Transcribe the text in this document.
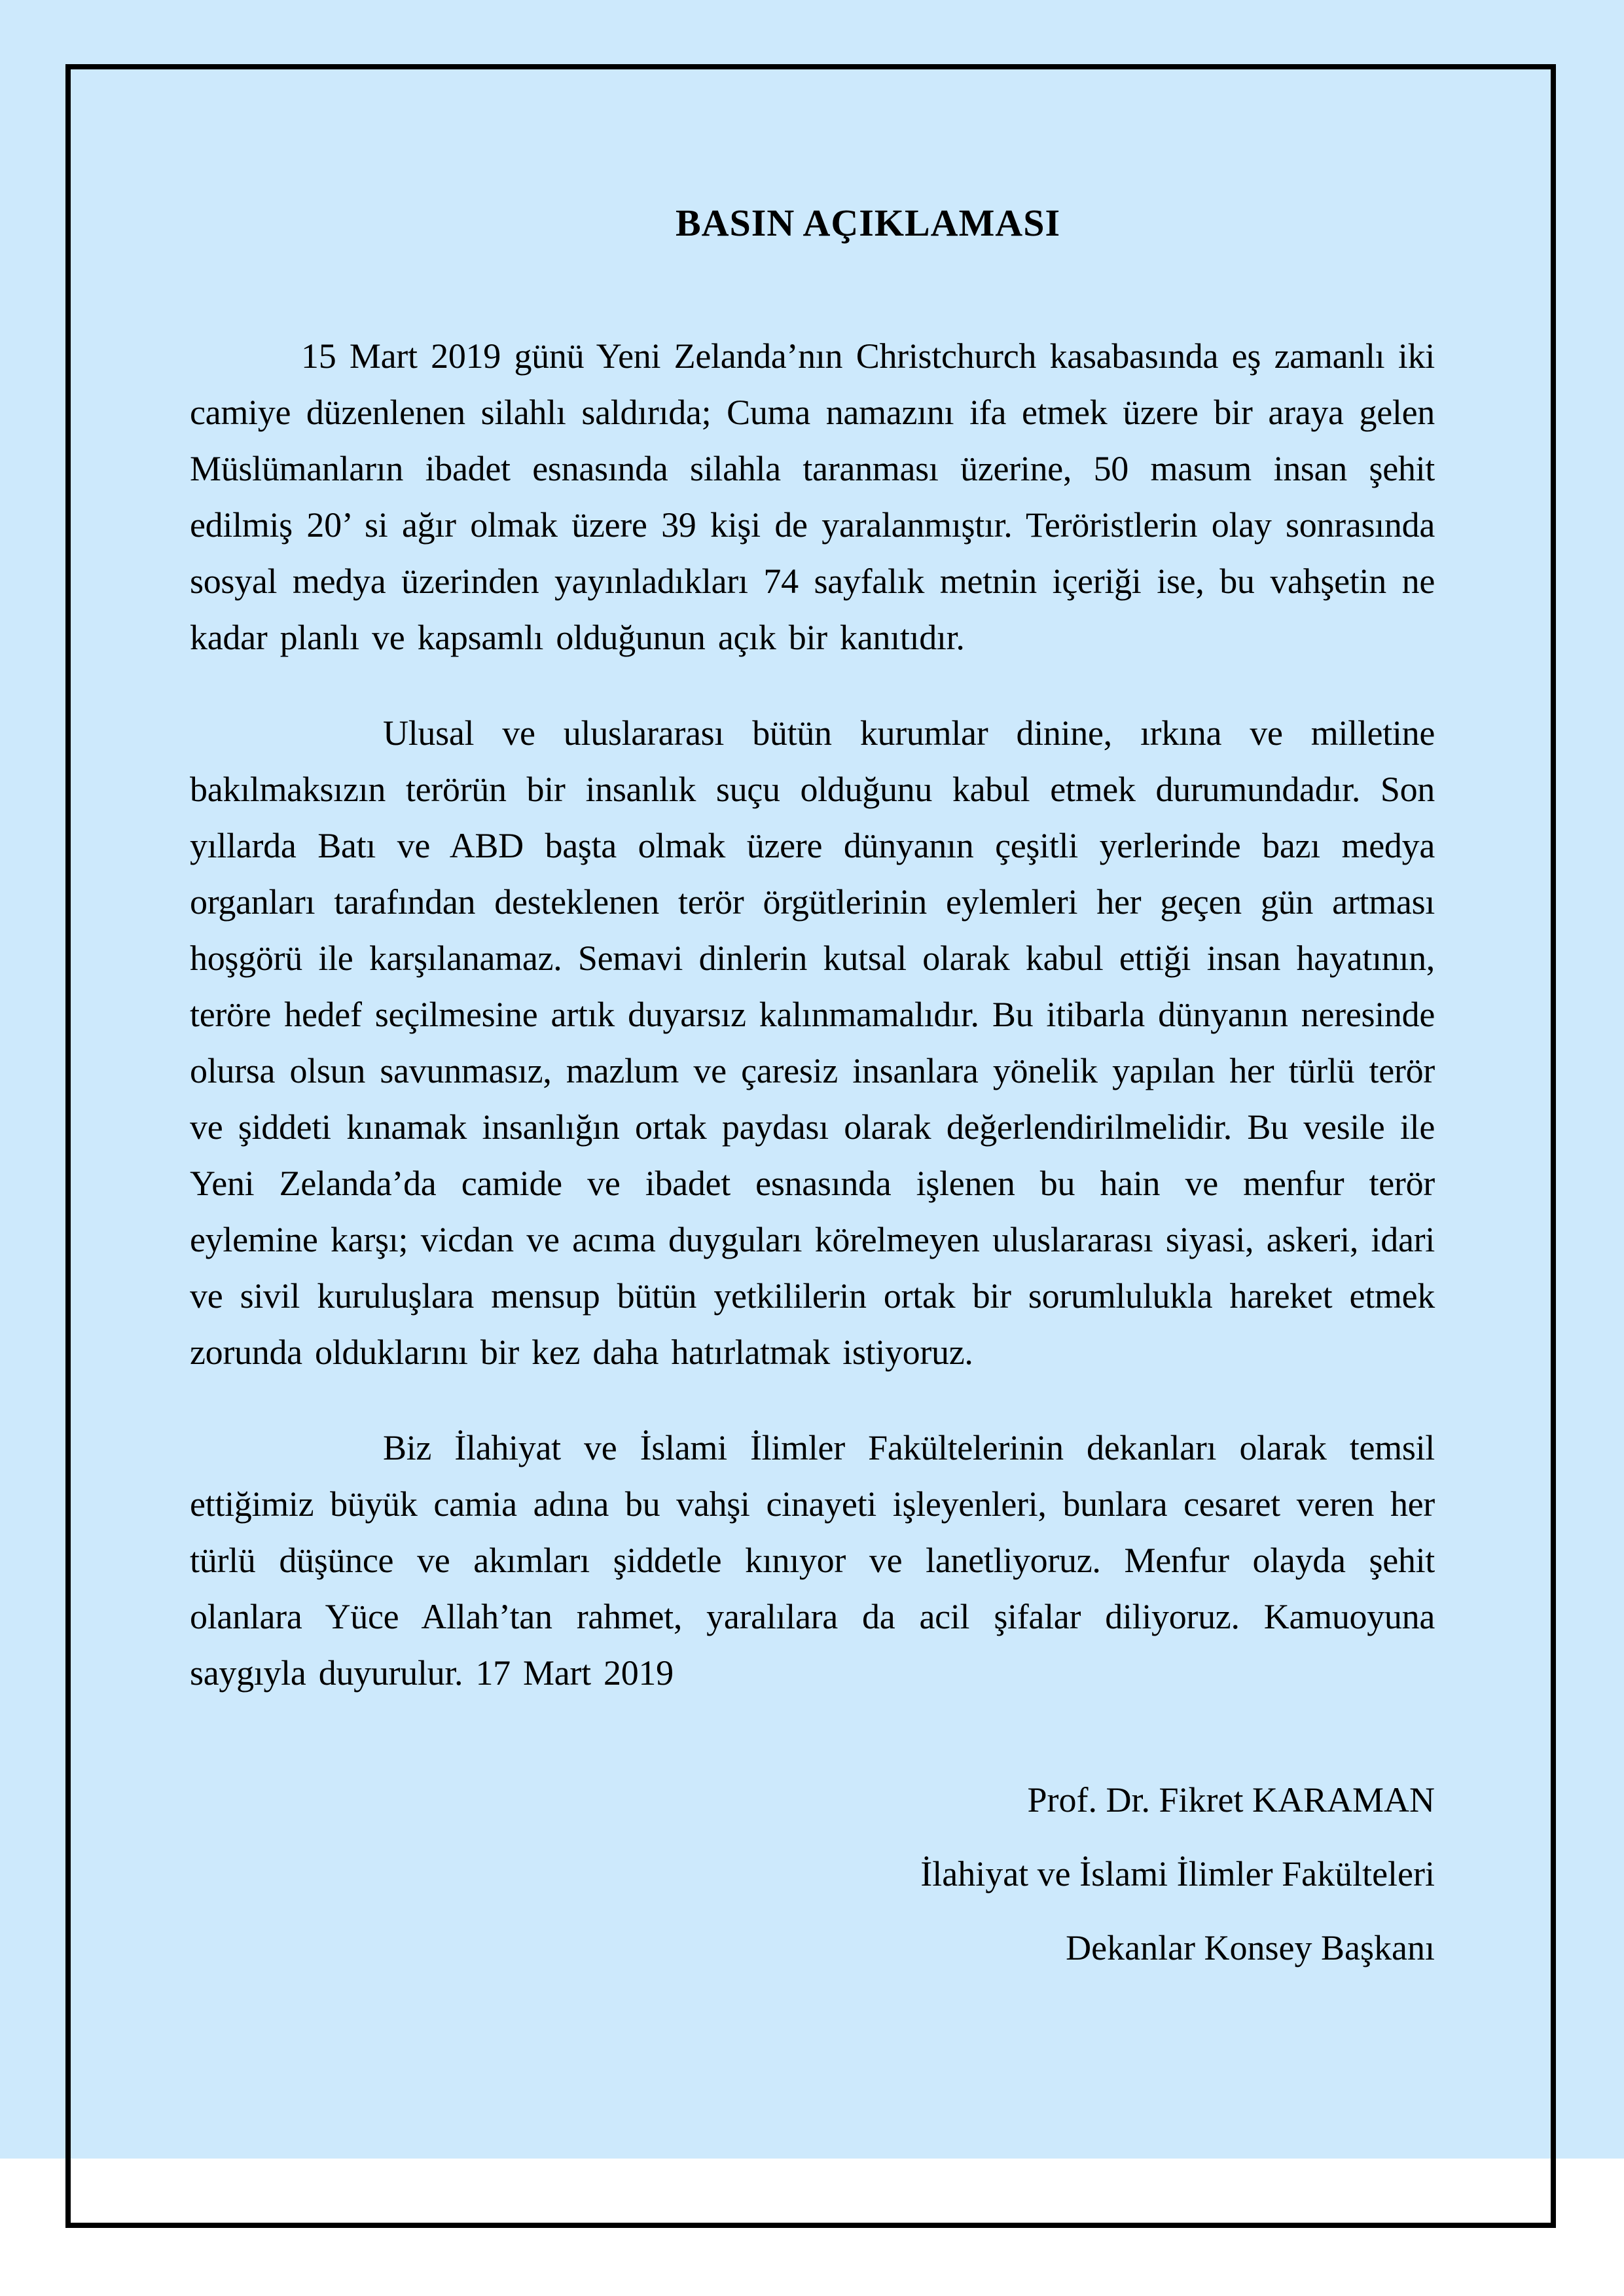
BASIN AÇIKLAMASI

15 Mart 2019 günü Yeni Zelanda’nın Christchurch kasabasında eş zamanlı iki camiye düzenlenen silahlı saldırıda; Cuma namazını ifa etmek üzere bir araya gelen Müslümanların ibadet esnasında silahla taranması üzerine, 50 masum insan şehit edilmiş 20’ si ağır olmak üzere 39 kişi de yaralanmıştır. Teröristlerin olay sonrasında sosyal medya üzerinden yayınladıkları 74 sayfalık metnin içeriği ise, bu vahşetin ne kadar planlı ve kapsamlı olduğunun açık bir kanıtıdır.

Ulusal ve uluslararası bütün kurumlar dinine, ırkına ve milletine bakılmaksızın terörün bir insanlık suçu olduğunu kabul etmek durumundadır. Son yıllarda Batı ve ABD başta olmak üzere dünyanın çeşitli yerlerinde bazı medya organları tarafından desteklenen terör örgütlerinin eylemleri her geçen gün artması hoşgörü ile karşılanamaz. Semavi dinlerin kutsal olarak kabul ettiği insan hayatının, teröre hedef seçilmesine artık duyarsız kalınmamalıdır. Bu itibarla dünyanın neresinde olursa olsun savunmasız, mazlum ve çaresiz insanlara yönelik yapılan her türlü terör ve şiddeti kınamak insanlığın ortak paydası olarak değerlendirilmelidir. Bu vesile ile Yeni Zelanda’da camide ve ibadet esnasında işlenen bu hain ve menfur terör eylemine karşı; vicdan ve acıma duyguları körelmeyen uluslararası siyasi, askeri, idari ve sivil kuruluşlara mensup bütün yetkililerin ortak bir sorumlulukla hareket etmek zorunda olduklarını bir kez daha hatırlatmak istiyoruz.

Biz İlahiyat ve İslami İlimler Fakültelerinin dekanları olarak temsil ettiğimiz büyük camia adına bu vahşi cinayeti işleyenleri, bunlara cesaret veren her türlü düşünce ve akımları şiddetle kınıyor ve lanetliyoruz. Menfur olayda şehit olanlara Yüce Allah’tan rahmet, yaralılara da acil şifalar diliyoruz. Kamuoyuna saygıyla duyurulur. 17 Mart 2019

Prof. Dr. Fikret KARAMAN

İlahiyat ve İslami İlimler Fakülteleri

Dekanlar Konsey Başkanı
